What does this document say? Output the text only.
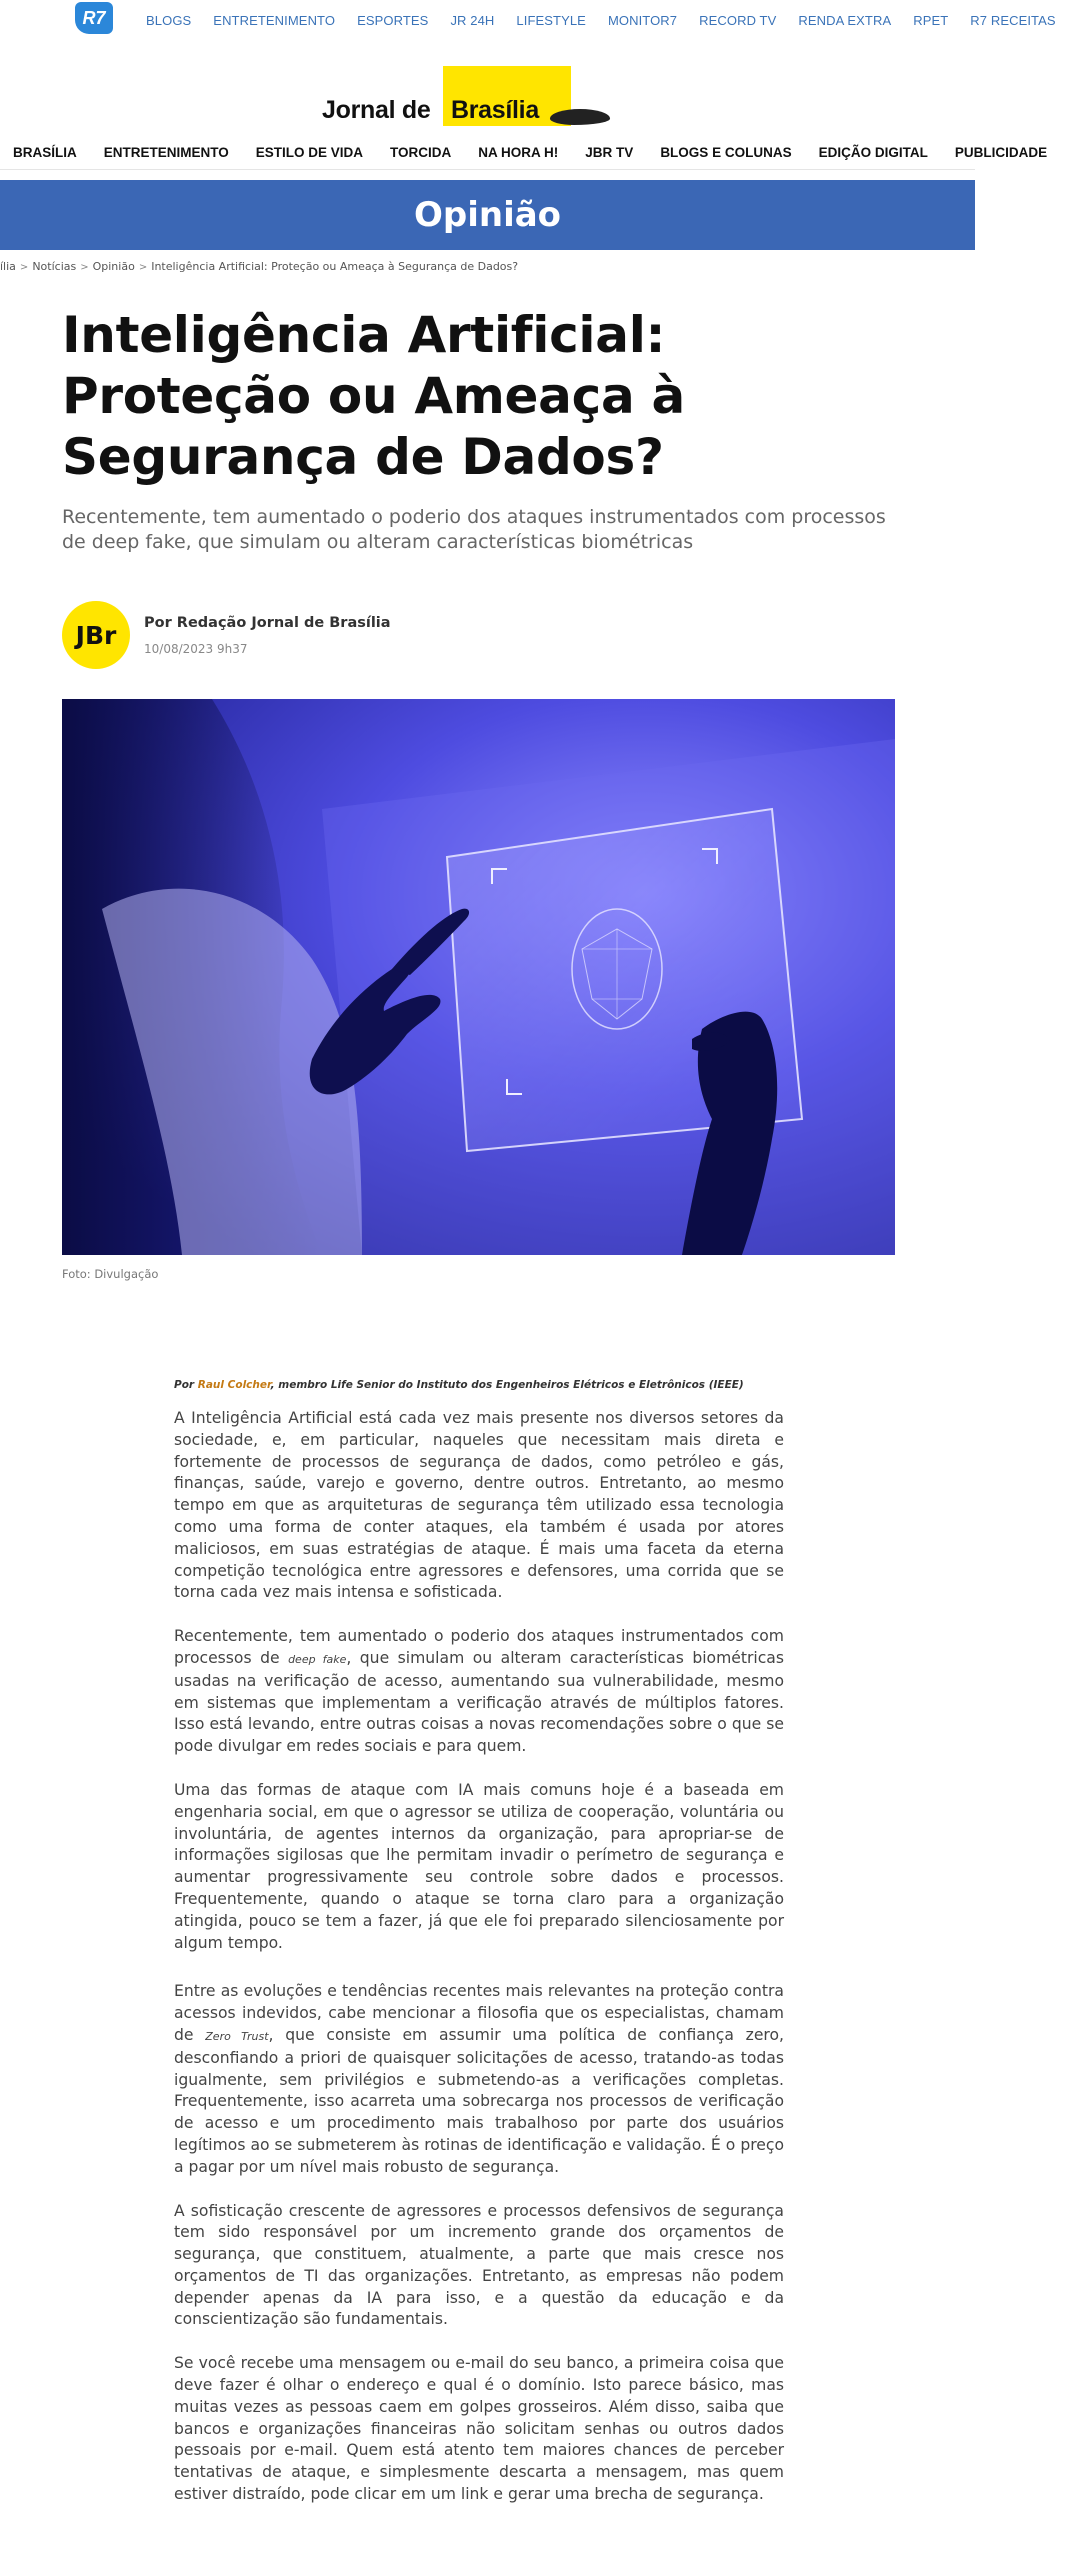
R7	BLOGS ENTRETENIMENTO ESPORTES JR 24H LIFESTYLE MONITOR7 RECORD TV RENDA EXTRA RPET R7 RECEITAS
Jornal de Brasília
BRASÍLIA ENTRETENIMENTO ESTILO DE VIDA TORCIDA NA HORA H! JBR TV BLOGS E COLUNAS EDIÇÃO DIGITAL PUBLICIDADE
Opinião
ília > Notícias > Opinião > Inteligência Artificial: Proteção ou Ameaça à Segurança de Dados?
Inteligência Artificial: Proteção ou Ameaça à Segurança de Dados?

Recentemente, tem aumentado o poderio dos ataques instrumentados com processos de deep fake, que simulam ou alteram características biométricas

JBr	Por Redação Jornal de Brasília
10/08/2023 9h37
Foto: Divulgação
Por Raul Colcher, membro Life Senior do Instituto dos Engenheiros Elétricos e Eletrônicos (IEEE)

A Inteligência Artificial está cada vez mais presente nos diversos setores da sociedade, e, em particular, naqueles que necessitam mais direta e fortemente de processos de segurança de dados, como petróleo e gás, finanças, saúde, varejo e governo, dentre outros. Entretanto, ao mesmo tempo em que as arquiteturas de segurança têm utilizado essa tecnologia como uma forma de conter ataques, ela também é usada por atores maliciosos, em suas estratégias de ataque. É mais uma faceta da eterna competição tecnológica entre agressores e defensores, uma corrida que se torna cada vez mais intensa e sofisticada.

Recentemente, tem aumentado o poderio dos ataques instrumentados com processos de deep fake, que simulam ou alteram características biométricas usadas na verificação de acesso, aumentando sua vulnerabilidade, mesmo em sistemas que implementam a verificação através de múltiplos fatores. Isso está levando, entre outras coisas a novas recomendações sobre o que se pode divulgar em redes sociais e para quem.

Uma das formas de ataque com IA mais comuns hoje é a baseada em engenharia social, em que o agressor se utiliza de cooperação, voluntária ou involuntária, de agentes internos da organização, para apropriar-se de informações sigilosas que lhe permitam invadir o perímetro de segurança e aumentar progressivamente seu controle sobre dados e processos. Frequentemente, quando o ataque se torna claro para a organização atingida, pouco se tem a fazer, já que ele foi preparado silenciosamente por algum tempo.

Entre as evoluções e tendências recentes mais relevantes na proteção contra acessos indevidos, cabe mencionar a filosofia que os especialistas, chamam de Zero Trust, que consiste em assumir uma política de confiança zero, desconfiando a priori de quaisquer solicitações de acesso, tratando-as todas igualmente, sem privilégios e submetendo-as a verificações completas. Frequentemente, isso acarreta uma sobrecarga nos processos de verificação de acesso e um procedimento mais trabalhoso por parte dos usuários legítimos ao se submeterem às rotinas de identificação e validação. É o preço a pagar por um nível mais robusto de segurança.

A sofisticação crescente de agressores e processos defensivos de segurança tem sido responsável por um incremento grande dos orçamentos de segurança, que constituem, atualmente, a parte que mais cresce nos orçamentos de TI das organizações. Entretanto, as empresas não podem depender apenas da IA para isso, e a questão da educação e da conscientização são fundamentais.

Se você recebe uma mensagem ou e-mail do seu banco, a primeira coisa que deve fazer é olhar o endereço e qual é o domínio. Isto parece básico, mas muitas vezes as pessoas caem em golpes grosseiros. Além disso, saiba que bancos e organizações financeiras não solicitam senhas ou outros dados pessoais por e-mail. Quem está atento tem maiores chances de perceber tentativas de ataque, e simplesmente descarta a mensagem, mas quem estiver distraído, pode clicar em um link e gerar uma brecha de segurança.
